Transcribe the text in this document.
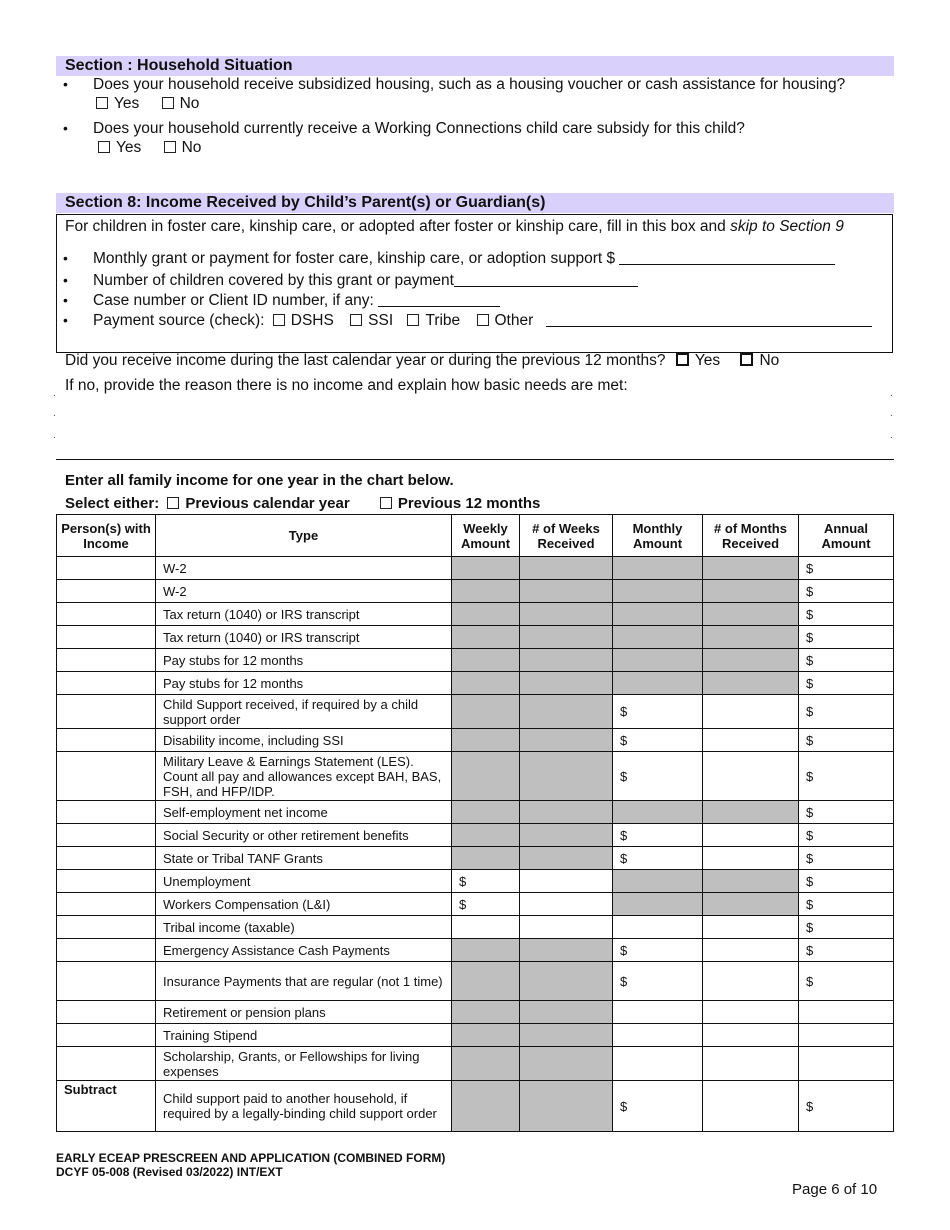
Section : Household Situation
• Does your household receive subsidized housing, such as a housing voucher or cash assistance for housing?
Yes	No
• Does your household currently receive a Working Connections child care subsidy for this child?
Yes	No
Section 8: Income Received by Child’s Parent(s) or Guardian(s)
For children in foster care, kinship care, or adopted after foster or kinship care, fill in this box and skip to Section 9
• Monthly grant or payment for foster care, kinship care, or adoption support $
• Number of children covered by this grant or payment
• Case number or Client ID number, if any:
• Payment source (check): DSHS SSI Tribe Other
Did you receive income during the last calendar year or during the previous 12 months? Yes	No
If no, provide the reason there is no income and explain how basic needs are met:
.
.
.
.
.
.
Enter all family income for one year in the chart below.
Select either: Previous calendar year	Previous 12 months
Person(s) with Income	Type	Weekly Amount	# of Weeks Received	Monthly Amount	# of Months Received	Annual Amount
	W-2					$
	W-2					$
	Tax return (1040) or IRS transcript					$
	Tax return (1040) or IRS transcript					$
	Pay stubs for 12 months					$
	Pay stubs for 12 months					$
	Child Support received, if required by a child support order			$		$
	Disability income, including SSI			$		$
	Military Leave & Earnings Statement (LES). Count all pay and allowances except BAH, BAS, FSH, and HFP/IDP.			$		$
	Self-employment net income					$
	Social Security or other retirement benefits			$		$
	State or Tribal TANF Grants			$		$
	Unemployment	$				$
	Workers Compensation (L&I)	$				$
	Tribal income (taxable)					$
	Emergency Assistance Cash Payments			$		$
	Insurance Payments that are regular (not 1 time)			$		$
	Retirement or pension plans					
	Training Stipend					
	Scholarship, Grants, or Fellowships for living expenses					
Subtract	Child support paid to another household, if required by a legally-binding child support order			$		$
EARLY ECEAP PRESCREEN AND APPLICATION (COMBINED FORM)
DCYF 05-008 (Revised 03/2022) INT/EXT
Page 6 of 10
